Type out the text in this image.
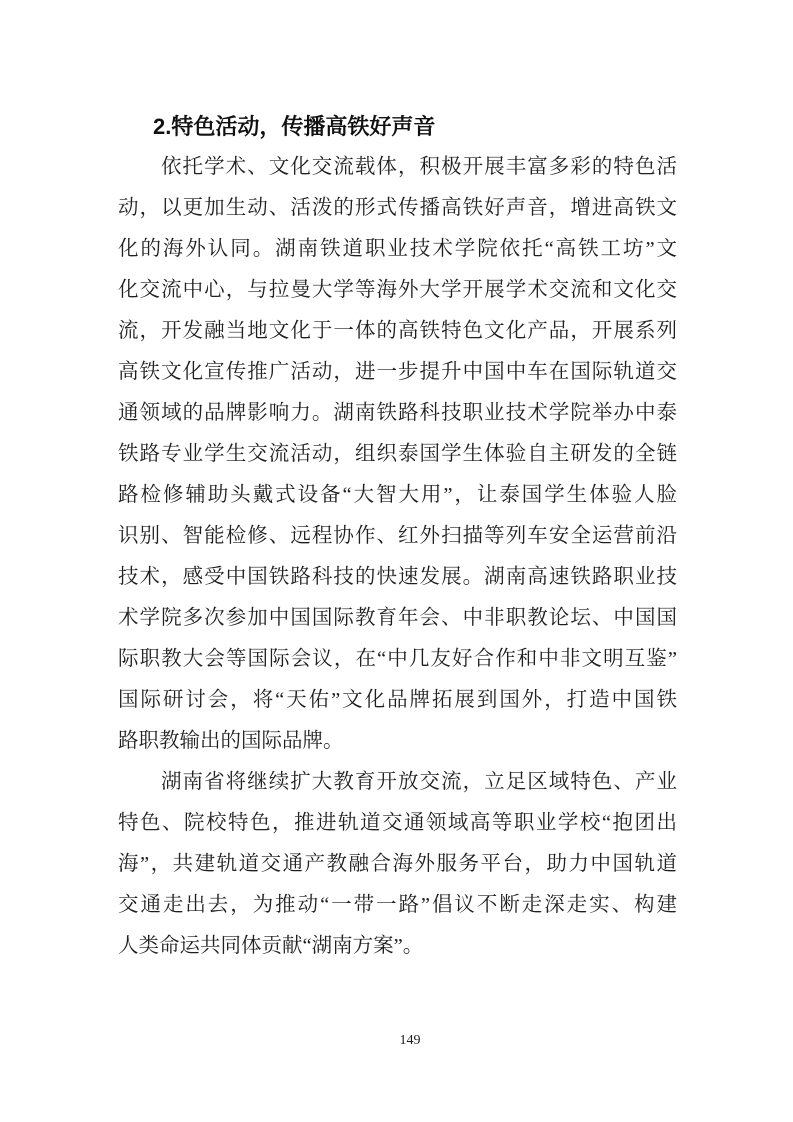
2.特色活动，传播高铁好声音
依托学术、文化交流载体，积极开展丰富多彩的特色活
动，以更加生动、活泼的形式传播高铁好声音，增进高铁文
化的海外认同。湖南铁道职业技术学院依托“高铁工坊”文
化交流中心，与拉曼大学等海外大学开展学术交流和文化交
流，开发融当地文化于一体的高铁特色文化产品，开展系列
高铁文化宣传推广活动，进一步提升中国中车在国际轨道交
通领域的品牌影响力。湖南铁路科技职业技术学院举办中泰
铁路专业学生交流活动，组织泰国学生体验自主研发的全链
路检修辅助头戴式设备“大智大用”，让泰国学生体验人脸
识别、智能检修、远程协作、红外扫描等列车安全运营前沿
技术，感受中国铁路科技的快速发展。湖南高速铁路职业技
术学院多次参加中国国际教育年会、中非职教论坛、中国国
际职教大会等国际会议，在“中几友好合作和中非文明互鉴”
国际研讨会，将“天佑”文化品牌拓展到国外，打造中国铁
路职教输出的国际品牌。
湖南省将继续扩大教育开放交流，立足区域特色、产业
特色、院校特色，推进轨道交通领域高等职业学校“抱团出
海”，共建轨道交通产教融合海外服务平台，助力中国轨道
交通走出去，为推动“一带一路”倡议不断走深走实、构建
人类命运共同体贡献“湖南方案”。
149
